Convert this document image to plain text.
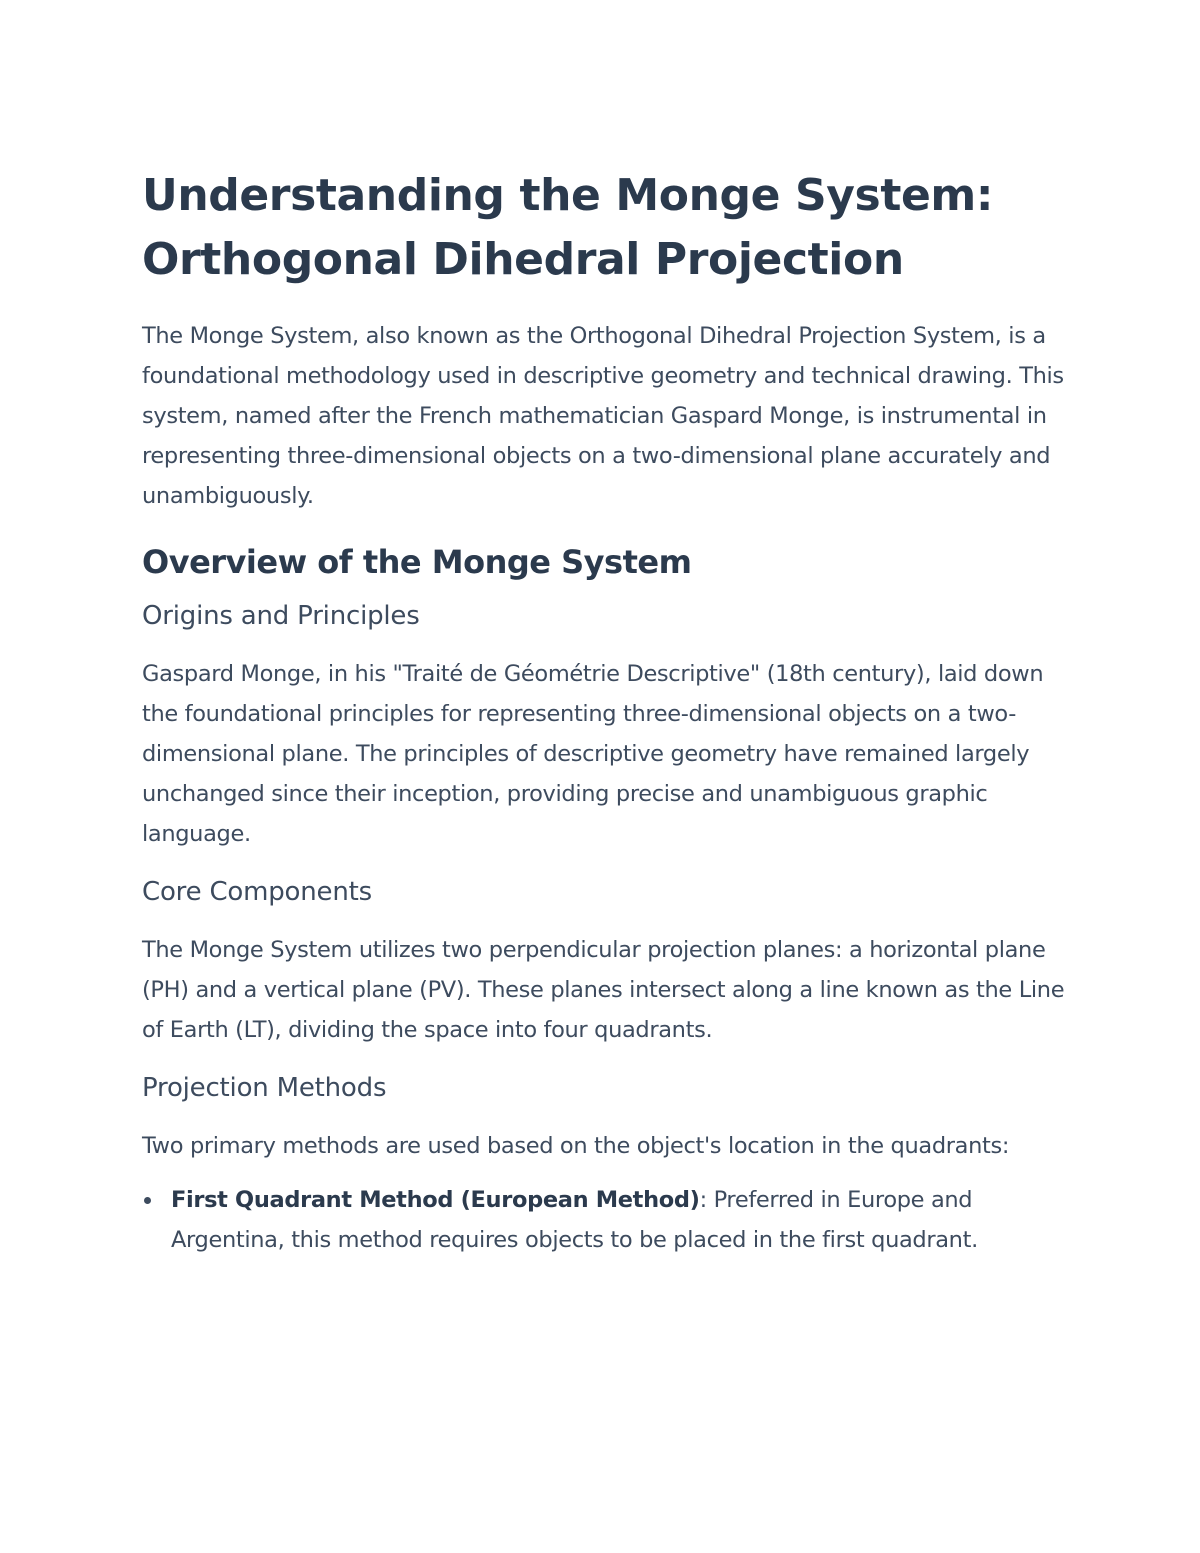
Understanding the Monge System: Orthogonal Dihedral Projection

The Monge System, also known as the Orthogonal Dihedral Projection System, is a foundational methodology used in descriptive geometry and technical drawing. This system, named after the French mathematician Gaspard Monge, is instrumental in representing three-dimensional objects on a two-dimensional plane accurately and unambiguously.

Overview of the Monge System
Origins and Principles

Gaspard Monge, in his "Traité de Géométrie Descriptive" (18th century), laid down the foundational principles for representing three-dimensional objects on a two-dimensional plane. The principles of descriptive geometry have remained largely unchanged since their inception, providing precise and unambiguous graphic language.

Core Components

The Monge System utilizes two perpendicular projection planes: a horizontal plane (PH) and a vertical plane (PV). These planes intersect along a line known as the Line of Earth (LT), dividing the space into four quadrants.

Projection Methods

Two primary methods are used based on the object's location in the quadrants:

First Quadrant Method (European Method): Preferred in Europe and Argentina, this method requires objects to be placed in the first quadrant.
